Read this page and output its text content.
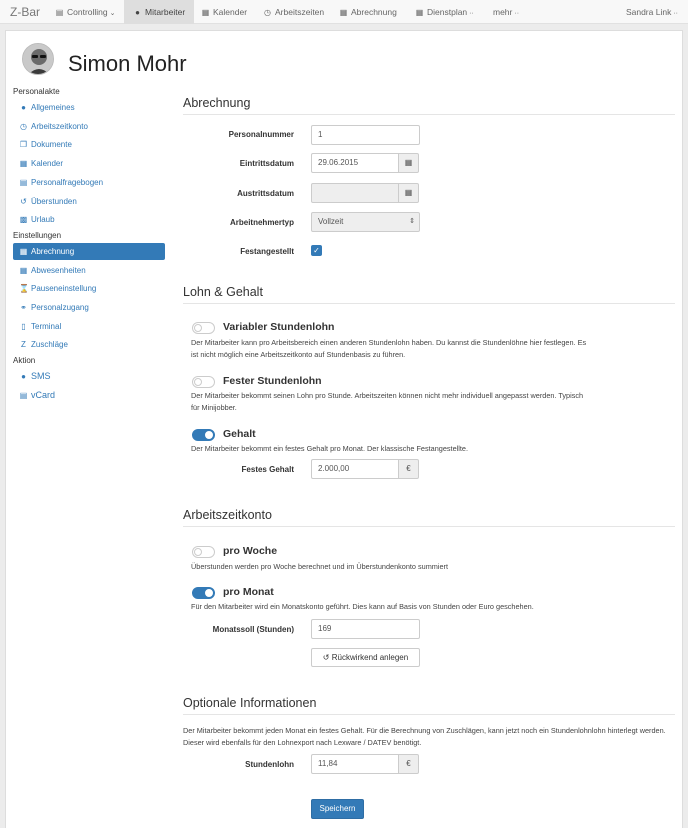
Z-Bar ▤ Controlling ⌄	● Mitarbeiter	▦ Kalender ◷ Arbeitszeiten ▦ Abrechnung ▦ Dienstplan ·· mehr ··	Sandra Link ··
Simon Mohr
Personalakte
● Allgemeines
◷ Arbeitszeitkonto
❐ Dokumente
▦ Kalender
▤ Personalfragebogen
↺ Überstunden
▩ Urlaub
Einstellungen
▦ Abrechnung
▦ Abwesenheiten
⌛ Pauseneinstellung
⚭ Personalzugang
▯ Terminal
Z Zuschläge
Aktion
● SMS
▤ vCard
Abrechnung
Personalnummer	1
Eintrittsdatum	29.06.2015	▦
Austrittsdatum	▦
Arbeitnehmertyp	Vollzeit	⇕
Festangestellt ✓
Lohn & Gehalt
Variabler Stundenlohn
Der Mitarbeiter kann pro Arbeitsbereich einen anderen Stundenlohn haben. Du kannst die Stundenlöhne hier festlegen. Es ist nicht möglich eine Arbeitszeitkonto auf Stundenbasis zu führen.
Fester Stundenlohn
Der Mitarbeiter bekommt seinen Lohn pro Stunde. Arbeitszeiten können nicht mehr individuell angepasst werden. Typisch für Minijobber.
Gehalt
Der Mitarbeiter bekommt ein festes Gehalt pro Monat. Der klassische Festangestellte.
Festes Gehalt	2.000,00	€
Arbeitszeitkonto
pro Woche
Überstunden werden pro Woche berechnet und im Überstundenkonto summiert
pro Monat
Für den Mitarbeiter wird ein Monatskonto geführt. Dies kann auf Basis von Stunden oder Euro geschehen.
Monatssoll (Stunden)	169
↺ Rückwirkend anlegen
Optionale Informationen
Der Mitarbeiter bekommt jeden Monat ein festes Gehalt. Für die Berechnung von Zuschlägen, kann jetzt noch ein Stundenlohnlohn hinterlegt werden. Dieser wird ebenfalls für den Lohnexport nach Lexware / DATEV benötigt.
Stundenlohn	11,84	€
Speichern
